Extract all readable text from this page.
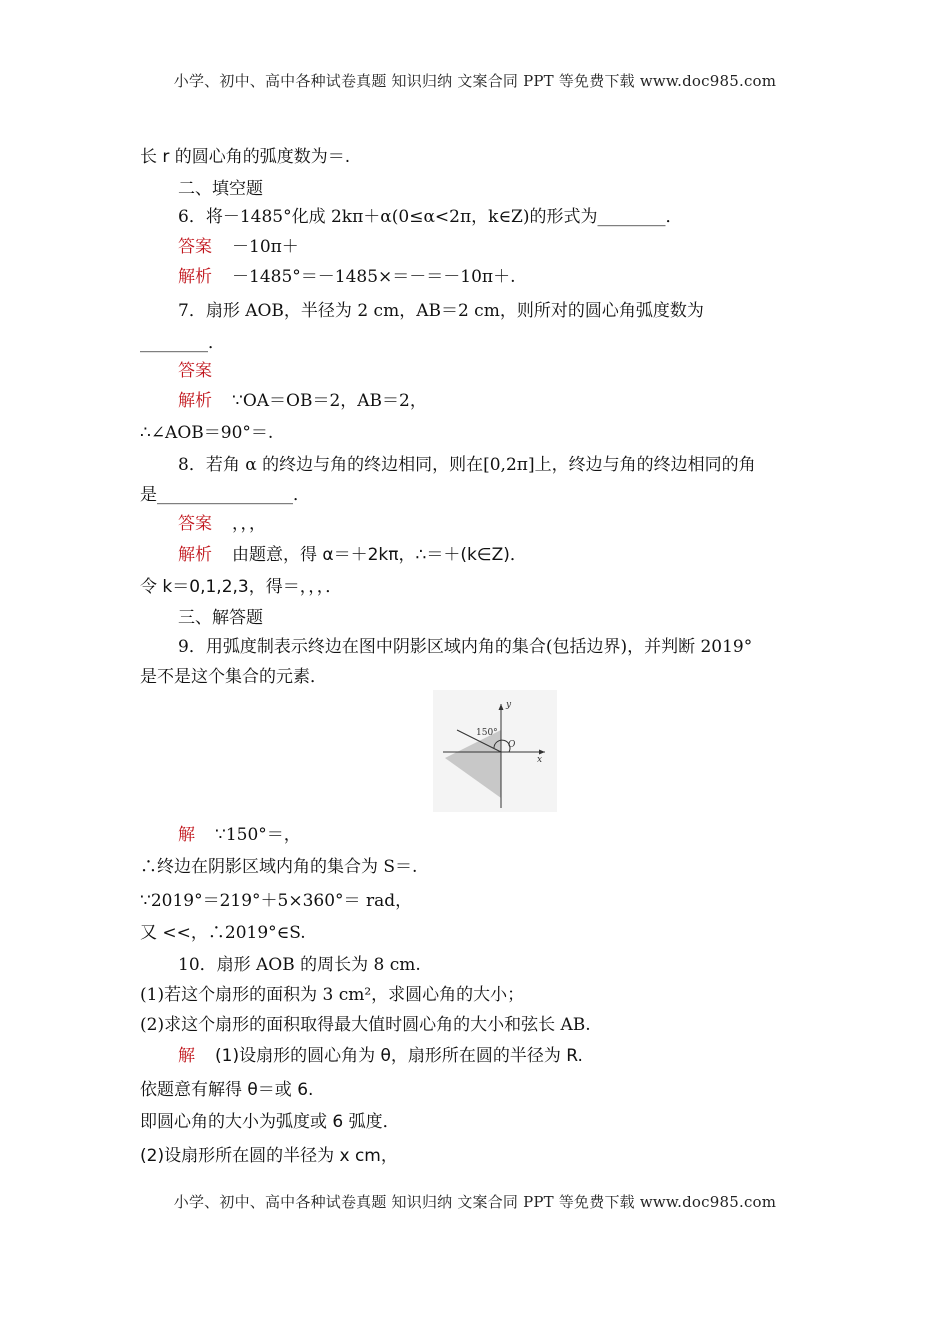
小学、初中、高中各种试卷真题 知识归纳 文案合同 PPT 等免费下载 www.doc985.com
长 r 的圆心角的弧度数为＝.
二、填空题
6．将－1485°化成 2kπ＋α(0≤α<2π，k∈Z)的形式为________．
答案 －10π＋
解析 －1485°＝－1485×＝－＝－10π＋.
7．扇形 AOB，半径为 2 cm，AB＝2 cm，则所对的圆心角弧度数为
________．
答案
解析 ∵OA＝OB＝2，AB＝2，
∴∠AOB＝90°＝.
8．若角 α 的终边与角的终边相同，则在[0,2π]上，终边与角的终边相同的角
是________________．
答案 ，，，
解析 由题意，得 α＝＋2kπ，∴＝＋(k∈Z)．
令 k＝0,1,2,3，得＝，，，．
三、解答题
9．用弧度制表示终边在图中阴影区域内角的集合(包括边界)，并判断 2019°
是不是这个集合的元素．
y
x
O
150°
解 ∵150°＝，
∴终边在阴影区域内角的集合为 S＝.
∵2019°＝219°＋5×360°＝ rad，
又 <<，∴2019°∈S.
10．扇形 AOB 的周长为 8 cm.
(1)若这个扇形的面积为 3 cm²，求圆心角的大小；
(2)求这个扇形的面积取得最大值时圆心角的大小和弦长 AB.
解 (1)设扇形的圆心角为 θ，扇形所在圆的半径为 R.
依题意有解得 θ＝或 6.
即圆心角的大小为弧度或 6 弧度．
(2)设扇形所在圆的半径为 x cm，
小学、初中、高中各种试卷真题 知识归纳 文案合同 PPT 等免费下载 www.doc985.com
